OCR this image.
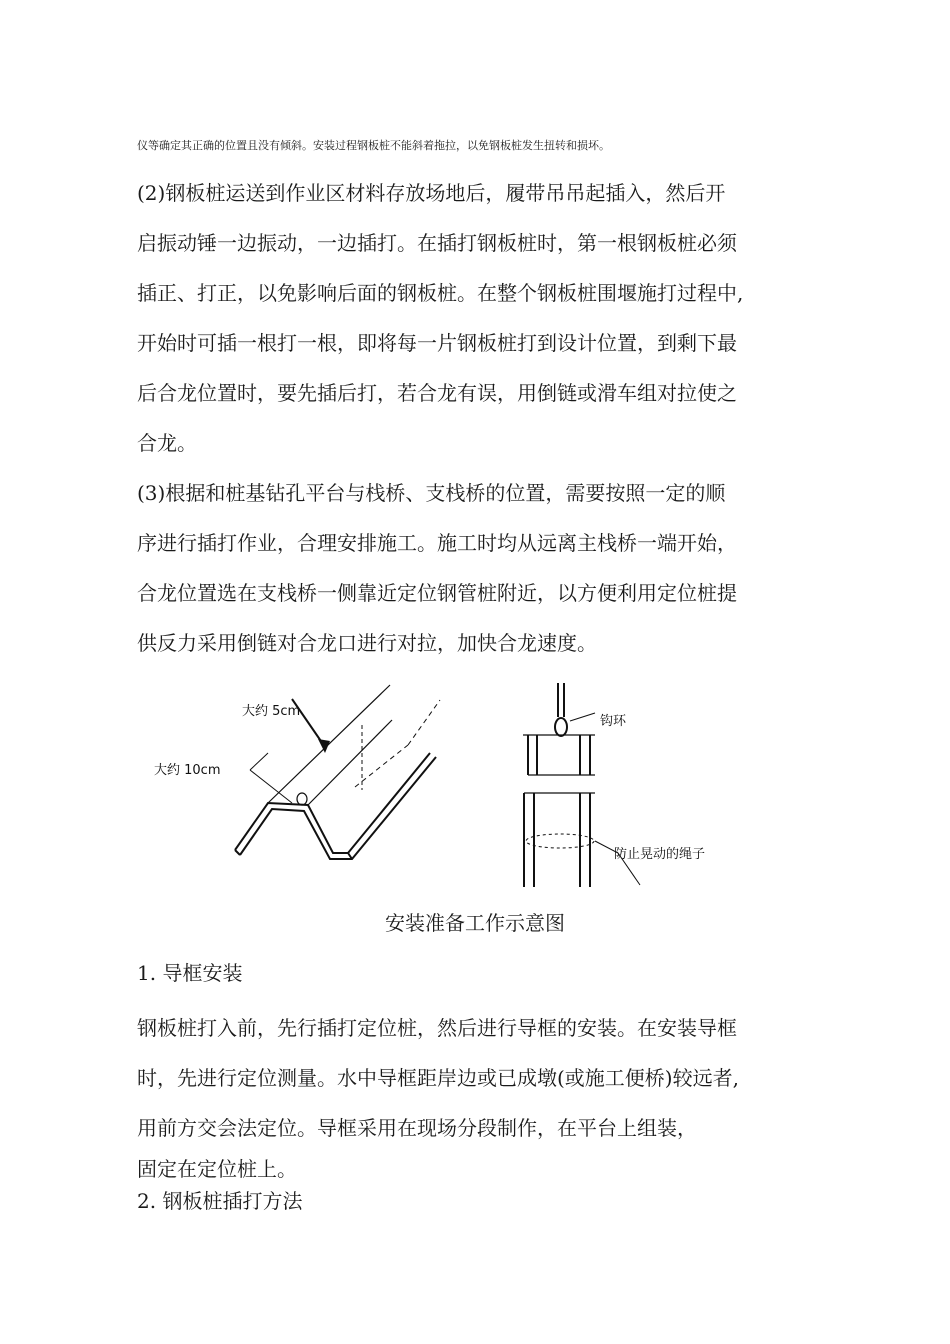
仪等确定其正确的位置且没有倾斜。安装过程钢板桩不能斜着拖拉，以免钢板桩发生扭转和损坏。

(2)钢板桩运送到作业区材料存放场地后，履带吊吊起插入，然后开
启振动锤一边振动，一边插打。在插打钢板桩时，第一根钢板桩必须
插正、打正，以免影响后面的钢板桩。在整个钢板桩围堰施打过程中,
开始时可插一根打一根，即将每一片钢板桩打到设计位置，到剩下最
后合龙位置时，要先插后打，若合龙有误，用倒链或滑车组对拉使之
合龙。

(3)根据和桩基钻孔平台与栈桥、支栈桥的位置，需要按照一定的顺
序进行插打作业，合理安排施工。施工时均从远离主栈桥一端开始，
合龙位置选在支栈桥一侧靠近定位钢管桩附近，以方便利用定位桩提
供反力采用倒链对合龙口进行对拉，加快合龙速度。

大约 5cm
大约 10cm
钩环
防止晃动的绳子
安装准备工作示意图
1. 导框安装

钢板桩打入前，先行插打定位桩，然后进行导框的安装。在安装导框
时，先进行定位测量。水中导框距岸边或已成墩(或施工便桥)较远者,
用前方交会法定位。导框采用在现场分段制作，在平台上组装，
固定在定位桩上。

2. 钢板桩插打方法
